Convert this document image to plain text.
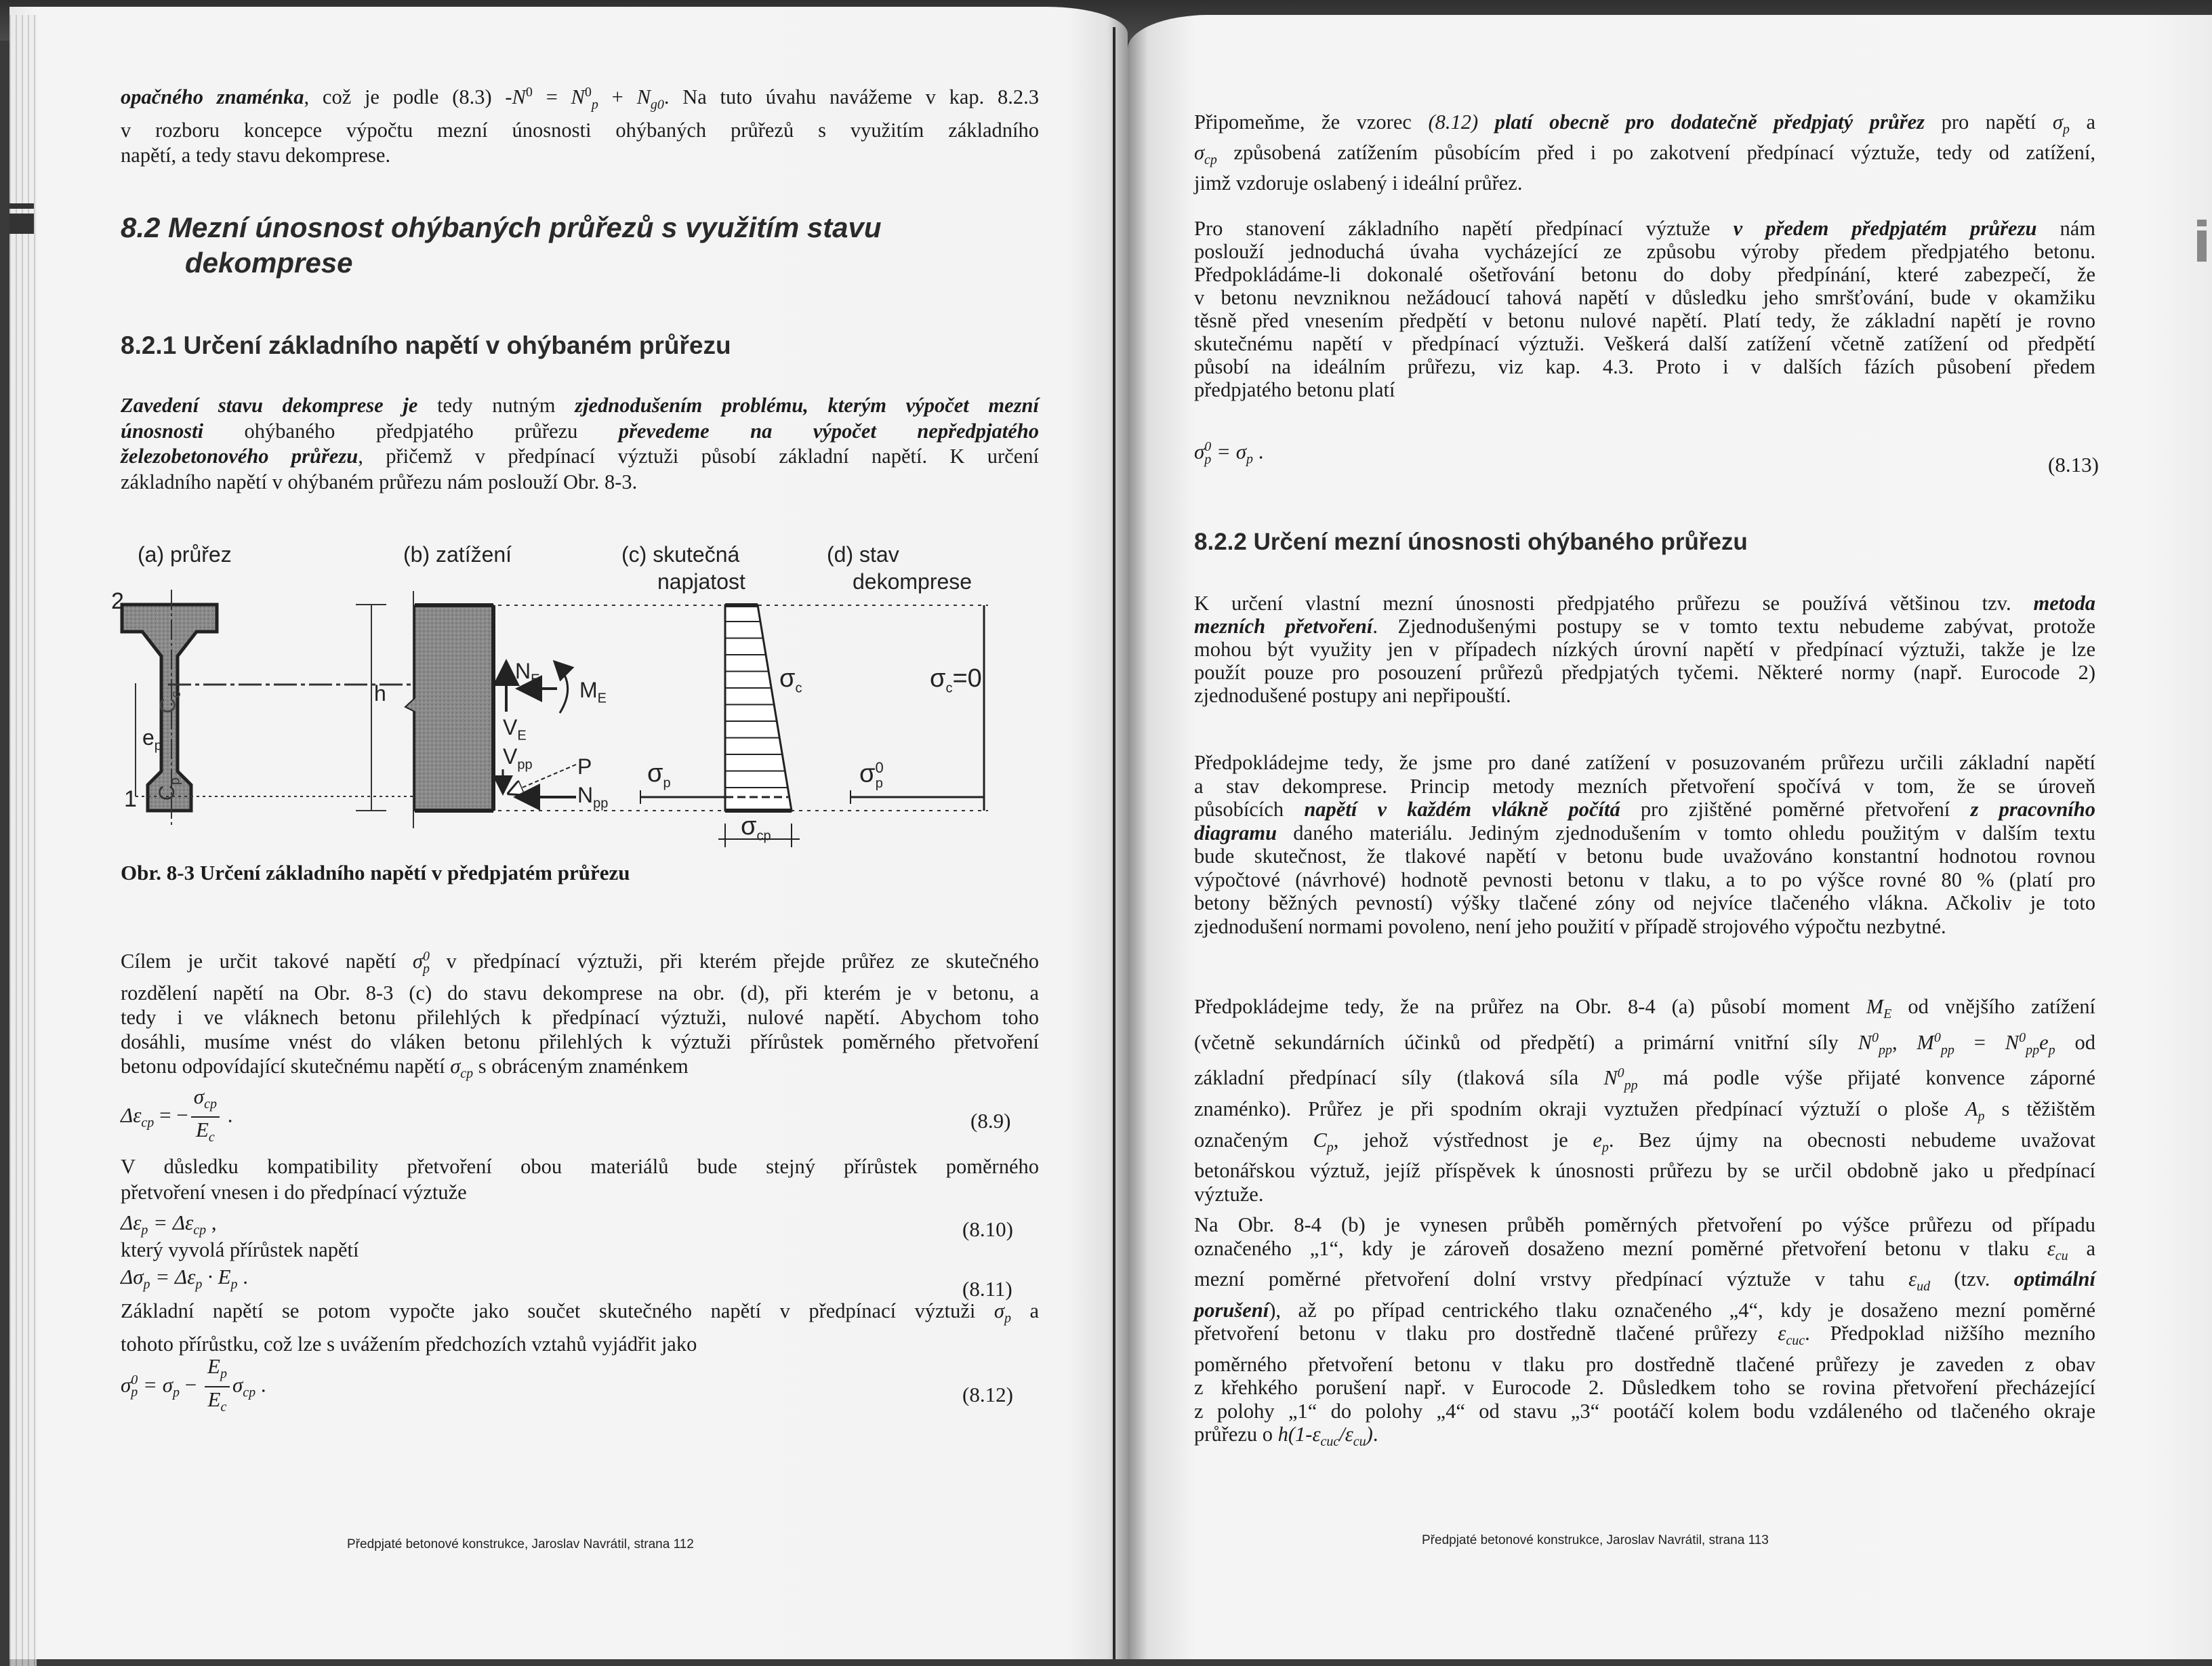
opačného znaménka, což je podle (8.3) $-N^0 = N^0_p + N_{g0}$. Na tuto úvahu navážeme v kap. 8.2.3

v rozboru koncepce výpočtu mezní únosnosti ohýbaných průřezů s využitím základního

napětí, a tedy stavu dekomprese.

8.2 Mezní únosnost ohýbaných průřezů s využitím stavu
dekomprese
8.2.1 Určení základního napětí v ohýbaném průřezu

Zavedení stavu dekomprese je tedy nutným zjednodušením problému, kterým výpočet mezní

únosnosti ohýbaného předpjatého průřezu převedeme na výpočet nepředpjatého

železobetonového průřezu, přičemž v předpínací výztuži působí základní napětí. K určení

základního napětí v ohýbaném průřezu nám poslouží Obr. 8-3.

(a) průřez	(b) zatížení	(c) skutečná
napjatost
(d) stav
dekomprese
2
1
h
$e_p$
$C_c$
$C_p$
$N_E$ $M_E$
$V_E$
$V_{pp}$ P
$N_{pp}$
$\sigma_c$
$\sigma_p$
$\sigma_{cp}$
$\sigma^0_p$
$\sigma_c=0$
Obr. 8-3 Určení základního napětí v předpjatém průřezu

Cílem je určit takové napětí $\sigma_p^0$ v předpínací výztuži, při kterém přejde průřez ze skutečného

rozdělení napětí na Obr. 8-3 (c) do stavu dekomprese na obr. (d), při kterém je v betonu, a

tedy i ve vláknech betonu přilehlých k předpínací výztuži, nulové napětí. Abychom toho

dosáhli, musíme vnést do vláken betonu přilehlých k výztuži přírůstek poměrného přetvoření

betonu odpovídající skutečnému napětí $\sigma_{cp}$ s obráceným znaménkem

$\Delta\varepsilon_{cp}$ = − $\frac{\sigma_{cp}}{E_c}$ .	(8.9)

V důsledku kompatibility přetvoření obou materiálů bude stejný přírůstek poměrného

přetvoření vnesen i do předpínací výztuže

$\Delta\varepsilon_p = \Delta\varepsilon_{cp}$ ,	(8.10)

který vyvolá přírůstek napětí

$\Delta\sigma_p = \Delta\varepsilon_p \cdot E_p$ .
(8.11)

Základní napětí se potom vypočte jako součet skutečného napětí v předpínací výztuži $\sigma_p$ a

tohoto přírůstku, což lze s uvážením předchozích vztahů vyjádřit jako

$\sigma^0_p = \sigma_p - \frac{E_p}{E_c} \sigma_{cp}$ .	(8.12)
Předpjaté betonové konstrukce, Jaroslav Navrátil, strana 112

Připomeňme, že vzorec (8.12) platí obecně pro dodatečně předpjatý průřez pro napětí $\sigma_p$ a

$\sigma_{cp}$ způsobená zatížením působícím před i po zakotvení předpínací výztuže, tedy od zatížení,

jimž vzdoruje oslabený i ideální průřez.

Pro stanovení základního napětí předpínací výztuže v předem předpjatém průřezu nám

poslouží jednoduchá úvaha vycházející ze způsobu výroby předem předpjatého betonu.

Předpokládáme-li dokonalé ošetřování betonu do doby předpínání, které zabezpečí, že

v betonu nevzniknou nežádoucí tahová napětí v důsledku jeho smršťování, bude v okamžiku

těsně před vnesením předpětí v betonu nulové napětí. Platí tedy, že základní napětí je rovno

skutečnému napětí v předpínací výztuži. Veškerá další zatížení včetně zatížení od předpětí

působí na ideálním průřezu, viz kap. 4.3. Proto i v dalších fázích působení předem

předpjatého betonu platí

$\sigma^0_p = \sigma_p$ .
(8.13)
8.2.2 Určení mezní únosnosti ohýbaného průřezu

K určení vlastní mezní únosnosti předpjatého průřezu se používá většinou tzv. metoda

mezních přetvoření. Zjednodušenými postupy se v tomto textu nebudeme zabývat, protože

mohou být využity jen v případech nízkých úrovní napětí v předpínací výztuži, takže je lze

použít pouze pro posouzení průřezů předpjatých tyčemi. Některé normy (např. Eurocode 2)

zjednodušené postupy ani nepřipouští.

Předpokládejme tedy, že jsme pro dané zatížení v posuzovaném průřezu určili základní napětí

a stav dekomprese. Princip metody mezních přetvoření spočívá v tom, že se úroveň

působících napětí v každém vlákně počítá pro zjištěné poměrné přetvoření z pracovního

diagramu daného materiálu. Jediným zjednodušením v tomto ohledu použitým v dalším textu

bude skutečnost, že tlakové napětí v betonu bude uvažováno konstantní hodnotou rovnou

výpočtové (návrhové) hodnotě pevnosti betonu v tlaku, a to po výšce rovné 80 % (platí pro

betony běžných pevností) výšky tlačené zóny od nejvíce tlačeného vlákna. Ačkoliv je toto

zjednodušení normami povoleno, není jeho použití v případě strojového výpočtu nezbytné.

Předpokládejme tedy, že na průřez na Obr. 8-4 (a) působí moment $M_E$ od vnějšího zatížení

(včetně sekundárních účinků od předpětí) a primární vnitřní síly $N^0_{pp}$, $M^0_{pp} = N^0_{pp}e_p$ od

základní předpínací síly (tlaková síla $N^0_{pp}$ má podle výše přijaté konvence záporné

znaménko). Průřez je při spodním okraji vyztužen předpínací výztuží o ploše $A_p$ s těžištěm

označeným $C_p$, jehož výstřednost je $e_p$. Bez újmy na obecnosti nebudeme uvažovat

betonářskou výztuž, jejíž příspěvek k únosnosti průřezu by se určil obdobně jako u předpínací

výztuže.

Na Obr. 8-4 (b) je vynesen průběh poměrných přetvoření po výšce průřezu od případu

označeného „1“, kdy je zároveň dosaženo mezní poměrné přetvoření betonu v tlaku $\varepsilon_{cu}$ a

mezní poměrné přetvoření dolní vrstvy předpínací výztuže v tahu $\varepsilon_{ud}$ (tzv. optimální

porušení), až po případ centrického tlaku označeného „4“, kdy je dosaženo mezní poměrné

přetvoření betonu v tlaku pro dostředně tlačené průřezy $\varepsilon_{cuc}$. Předpoklad nižšího mezního

poměrného přetvoření betonu v tlaku pro dostředně tlačené průřezy je zaveden z obav

z křehkého porušení např. v Eurocode 2. Důsledkem toho se rovina přetvoření přecházející

z polohy „1“ do polohy „4“ od stavu „3“ pootáčí kolem bodu vzdáleného od tlačeného okraje

průřezu o $h(1-\varepsilon_{cuc}/\varepsilon_{cu})$.

Předpjaté betonové konstrukce, Jaroslav Navrátil, strana 113
